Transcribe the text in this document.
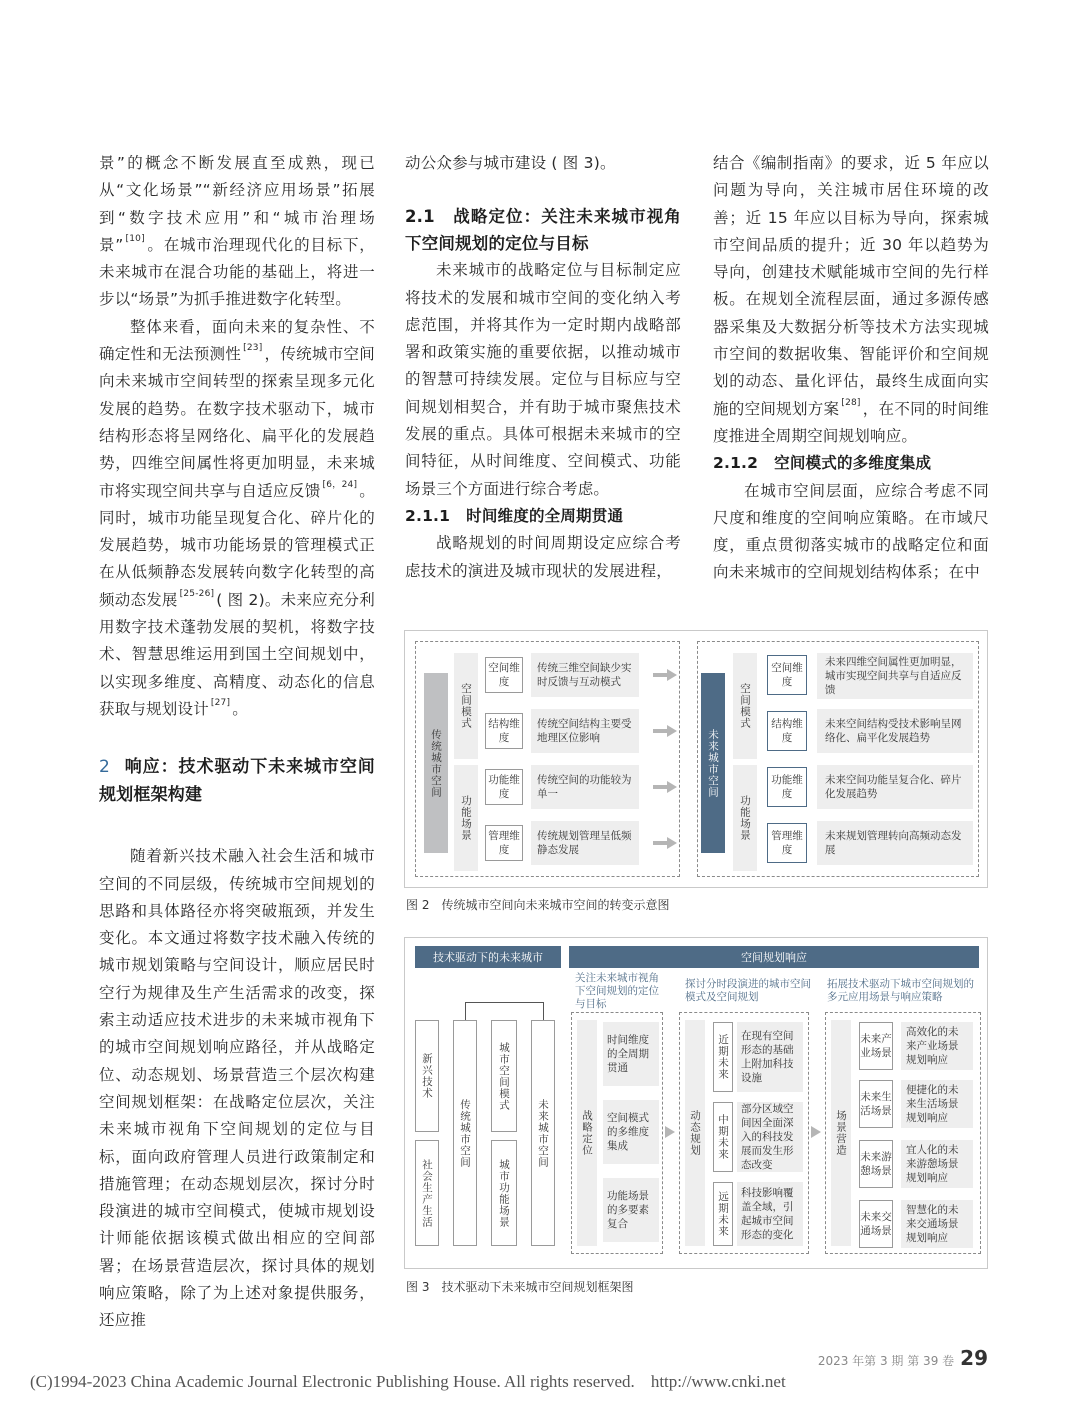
景”的概念不断发展直至成熟，现已从“文化场景”“新经济应用场景”拓展到“数字技术应用”和“城市治理场景” [10] 。在城市治理现代化的目标下，未来城市在混合功能的基础上，将进一步以“场景”为抓手推进数字化转型。

整体来看，面向未来的复杂性、不确定性和无法预测性 [23] ，传统城市空间向未来城市空间转型的探索呈现多元化发展的趋势。在数字技术驱动下，城市结构形态将呈网络化、扁平化的发展趋势，四维空间属性将更加明显，未来城市将实现空间共享与自适应反馈 [6，24] 。同时，城市功能呈现复合化、碎片化的发展趋势，城市功能场景的管理模式正在从低频静态发展转向数字化转型的高频动态发展 [25-26] ( 图 2)。未来应充分利用数字技术蓬勃发展的契机，将数字技术、智慧思维运用到国土空间规划中，以实现多维度、高精度、动态化的信息获取与规划设计 [27] 。

2 响应：技术驱动下未来城市空间规划框架构建

随着新兴技术融入社会生活和城市空间的不同层级，传统城市空间规划的思路和具体路径亦将突破瓶颈，并发生变化。本文通过将数字技术融入传统的城市规划策略与空间设计，顺应居民时空行为规律及生产生活需求的改变，探索主动适应技术进步的未来城市视角下的城市空间规划响应路径，并从战略定位、动态规划、场景营造三个层次构建空间规划框架：在战略定位层次，关注未来城市视角下空间规划的定位与目标，面向政府管理人员进行政策制定和措施管理；在动态规划层次，探讨分时段演进的城市空间模式，使城市规划设计师能依据该模式做出相应的空间部署；在场景营造层次，探讨具体的规划响应策略，除了为上述对象提供服务，还应推

动公众参与城市建设 ( 图 3)。

2.1　战略定位：关注未来城市视角下空间规划的定位与目标

未来城市的战略定位与目标制定应将技术的发展和城市空间的变化纳入考虑范围，并将其作为一定时期内战略部署和政策实施的重要依据，以推动城市的智慧可持续发展。定位与目标应与空间规划相契合，并有助于城市聚焦技术发展的重点。具体可根据未来城市的空间特征，从时间维度、空间模式、功能场景三个方面进行综合考虑。

2.1.1 时间维度的全周期贯通

战略规划的时间周期设定应综合考虑技术的演进及城市现状的发展进程，

结合《编制指南》的要求，近 5 年应以问题为导向，关注城市居住环境的改善；近 15 年应以目标为导向，探索城市空间品质的提升；近 30 年以趋势为导向，创建技术赋能城市空间的先行样板。在规划全流程层面，通过多源传感器采集及大数据分析等技术方法实现城市空间的数据收集、智能评价和空间规划的动态、量化评估，最终生成面向实施的空间规划方案 [28] ，在不同的时间维度推进全周期空间规划响应。

2.1.2 空间模式的多维度集成

在城市空间层面，应综合考虑不同尺度和维度的空间响应策略。在市域尺度，重点贯彻落实城市的战略定位和面向未来城市的空间规划结构体系；在中

传统城市空间
空间模式
功能场景
空间维度
结构维度
功能维度
管理维度
传统三维空间缺少实时反馈与互动模式
传统空间结构主要受地理区位影响
传统空间的功能较为单一
传统规划管理呈低频静态发展
未来城市空间
空间模式
功能场景
空间维度
结构维度
功能维度
管理维度
未来四维空间属性更加明显，城市实现空间共享与自适应反馈
未来空间结构受技术影响呈网络化、扁平化发展趋势
未来空间功能呈复合化、碎片化发展趋势
未来规划管理转向高频动态发展
图 2 传统城市空间向未来城市空间的转变示意图
技术驱动下的未来城市	空间规划响应
关注未来城市视角下空间规划的定位与目标
探讨分时段演进的城市空间模式及空间规划
拓展技术驱动下城市空间规划的多元应用场景与响应策略
新兴技术
社会生产生活
传统城市空间
城市空间模式
城市功能场景
未来城市空间	战略定位
时间维度的全周期贯通
空间模式的多维度集成
功能场景的多要素复合
动态规划
近期未来
中期未来
远期未来
在现有空间形态的基础上附加科技设施
部分区域空间因全面深入的科技发展而发生形态改变
科技影响覆盖全域，引起城市空间形态的变化
场景营造
未来产业场景
未来生活场景
未来游憩场景
未来交通场景
高效化的未来产业场景规划响应
便捷化的未来生活场景规划响应
宜人化的未来游憩场景规划响应
智慧化的未来交通场景规划响应
图 3 技术驱动下未来城市空间规划框架图
2023 年第 3 期 第 39 卷 29
(C)1994-2023 China Academic Journal Electronic Publishing House. All rights reserved. http://www.cnki.net
